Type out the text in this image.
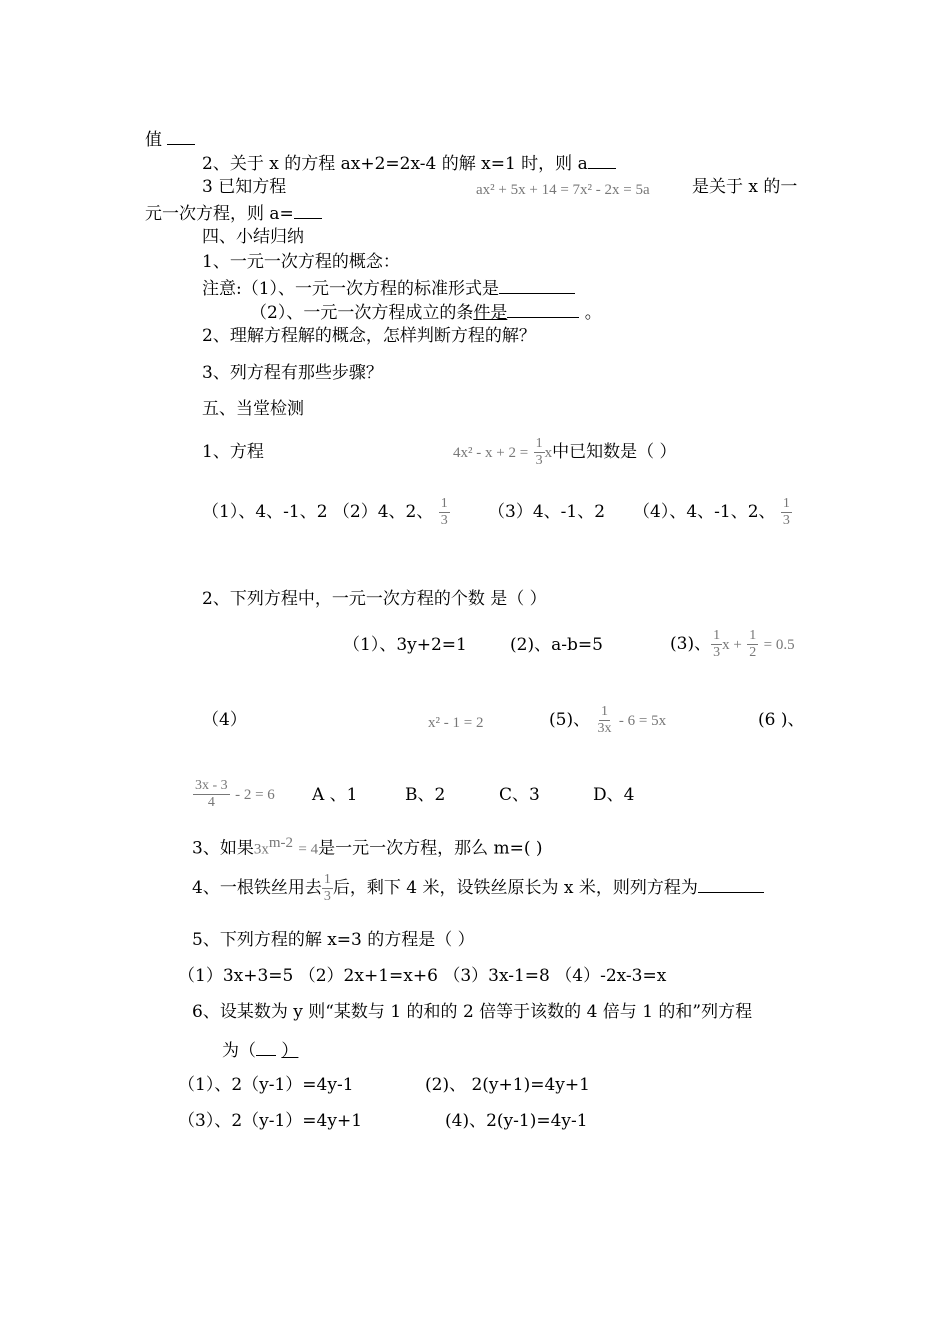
值
2、关于 x 的方程 ax+2=2x-4 的解 x=1 时，则 a
3 已知方程	ax² + 5x + 14 = 7x² - 2x = 5a 是关于 x 的一
元一次方程，则 a=
四、小结归纳
1、一元一次方程的概念：
注意:（1）、一元一次方程的标准形式是
（2）、一元一次方程成立的条件是	。
2、理解方程解的概念，怎样判断方程的解？
3、列方程有那些步骤？
五、当堂检测
1、方程	$4x^2 - x + 2 = \frac{1}{3}$ x中已知数是（ ）
（1）、4、-1、2 （2）4、2、 $\frac{1}{3} (3)4$、-1、2 （4）、4、-1、2、 $\frac{1}{3}$
2、下列方程中，一元一次方程的个数 是（ ）
（1）、3y+2=1	(2)、a-b=5	(3)、 $\frac{1}{3}$ $x + \frac{1}{2} = 0.5$
（4）	x² - 1 = 2	(5)、 $\frac{1}{3x} - 6 = 5x$	(6 )、
$\frac{3x - 3}{4} - 2 = 6$ A 、1	B、2	C、3	D、4
3、如果$3x^{m-2} = 4$是一元一次方程，那么 m=( )
4、一根铁丝用去 $\frac{1}{3}$ 后，剩下 4 米，设铁丝原长为 x 米，则列方程为
5、下列方程的解 x=3 的方程是（ ）
（1）3x+3=5 （2）2x+1=x+6 （3）3x-1=8 （4）-2x-3=x
6、设某数为 y 则“某数与 1 的和的 2 倍等于该数的 4 倍与 1 的和”列方程
为（ ）
（1）、2（y-1）=4y-1	(2)、 2(y+1)=4y+1
（3）、2（y-1）=4y+1	(4)、2(y-1)=4y-1
